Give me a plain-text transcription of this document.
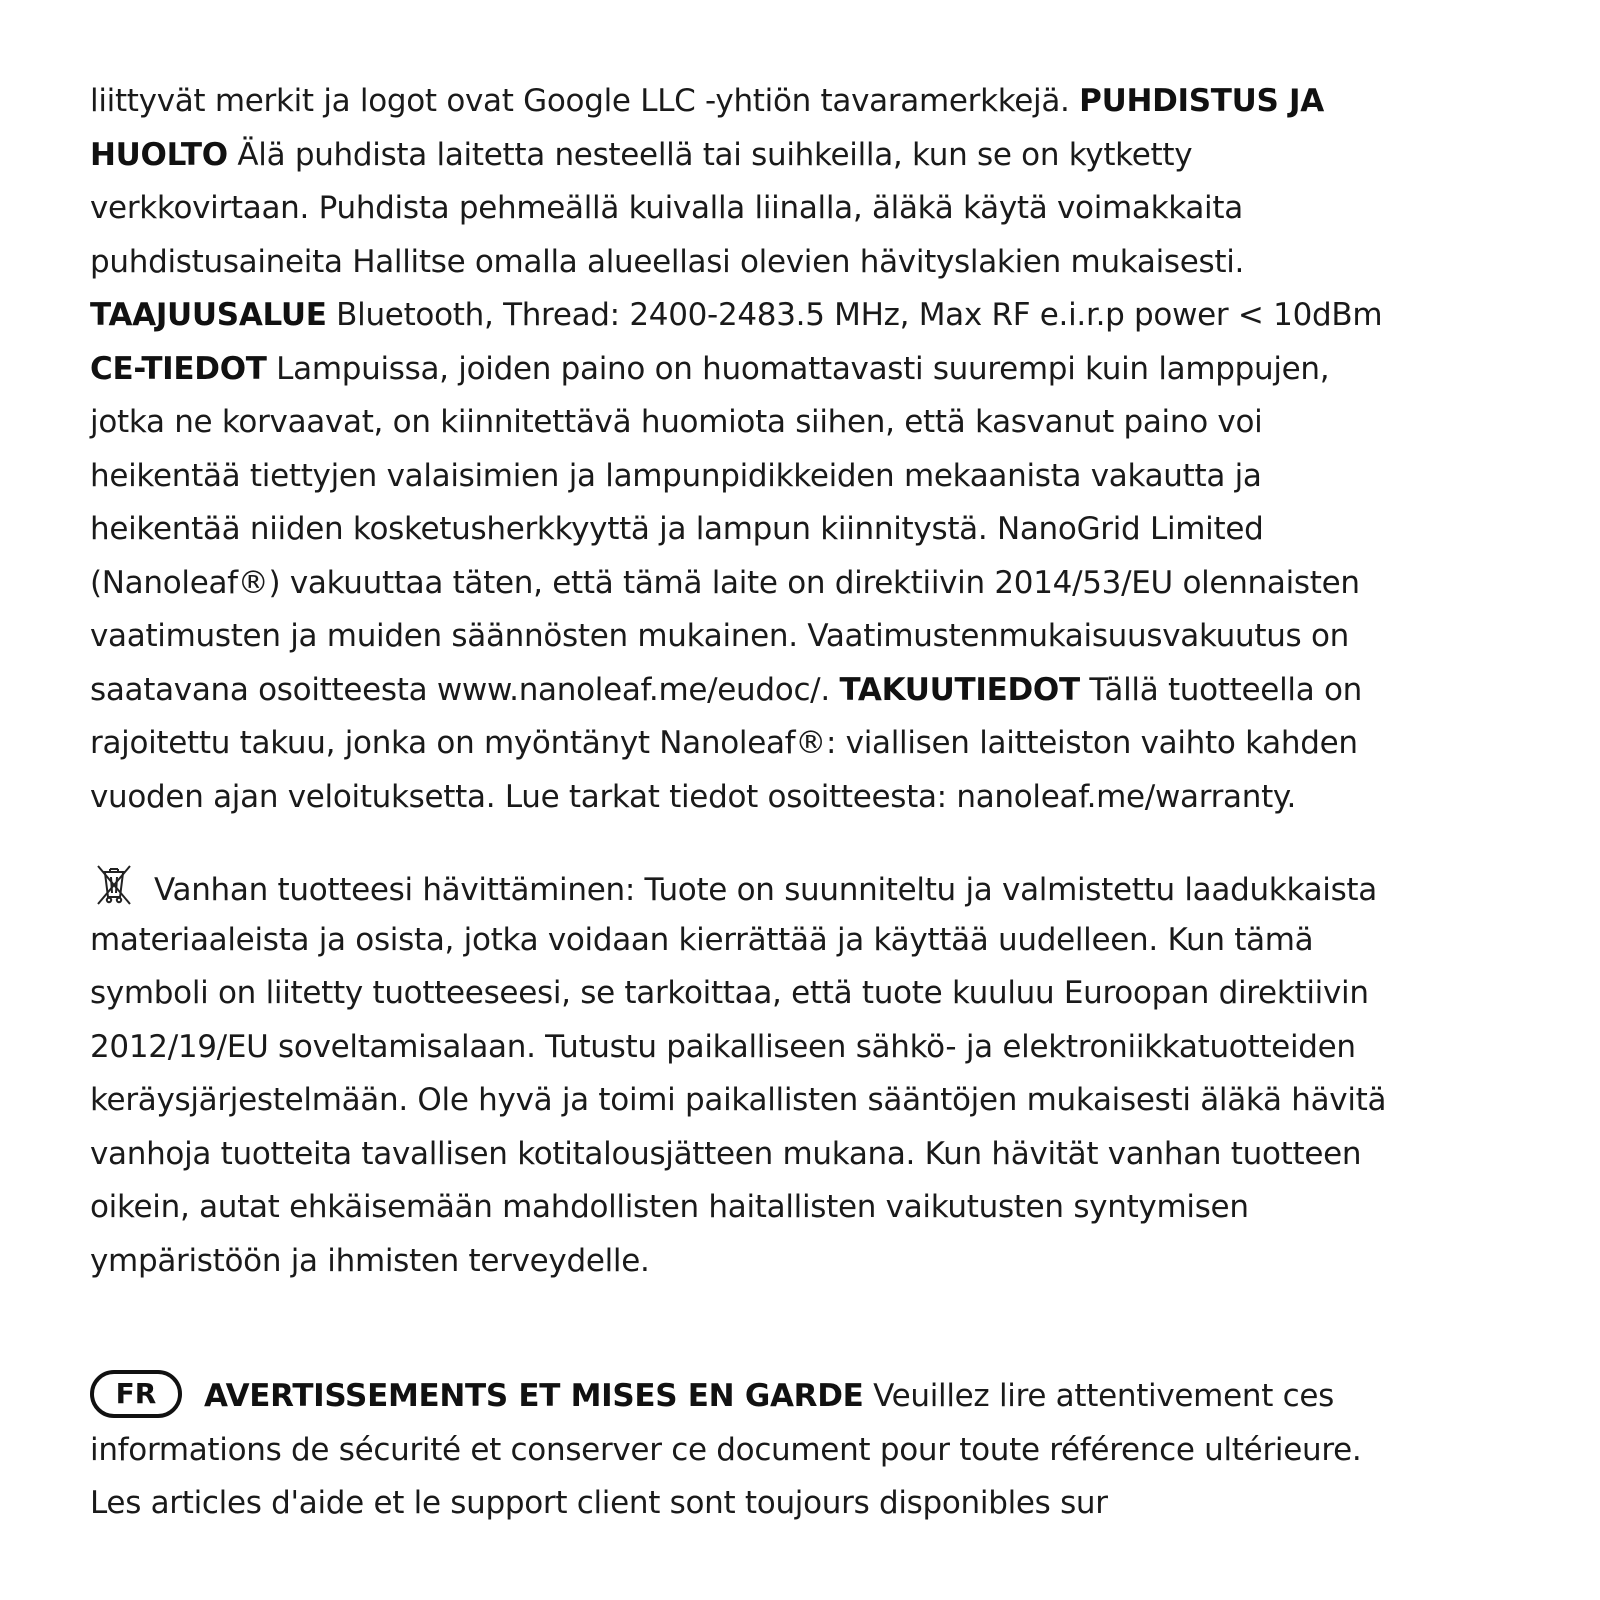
liittyvät merkit ja logot ovat Google LLC -yhtiön tavaramerkkejä. PUHDISTUS JA
HUOLTO Älä puhdista laitetta nesteellä tai suihkeilla, kun se on kytketty
verkkovirtaan. Puhdista pehmeällä kuivalla liinalla, äläkä käytä voimakkaita
puhdistusaineita Hallitse omalla alueellasi olevien hävityslakien mukaisesti.
TAAJUUSALUE Bluetooth, Thread: 2400-2483.5 MHz, Max RF e.i.r.p power < 10dBm
CE-TIEDOT Lampuissa, joiden paino on huomattavasti suurempi kuin lamppujen,
jotka ne korvaavat, on kiinnitettävä huomiota siihen, että kasvanut paino voi
heikentää tiettyjen valaisimien ja lampunpidikkeiden mekaanista vakautta ja
heikentää niiden kosketusherkkyyttä ja lampun kiinnitystä. NanoGrid Limited
(Nanoleaf®) vakuuttaa täten, että tämä laite on direktiivin 2014/53/EU olennaisten
vaatimusten ja muiden säännösten mukainen. Vaatimustenmukaisuusvakuutus on
saatavana osoitteesta www.nanoleaf.me/eudoc/. TAKUUTIEDOT Tällä tuotteella on
rajoitettu takuu, jonka on myöntänyt Nanoleaf®: viallisen laitteiston vaihto kahden
vuoden ajan veloituksetta. Lue tarkat tiedot osoitteesta: nanoleaf.me/warranty.
Vanhan tuotteesi hävittäminen: Tuote on suunniteltu ja valmistettu laadukkaista
materiaaleista ja osista, jotka voidaan kierrättää ja käyttää uudelleen. Kun tämä
symboli on liitetty tuotteeseesi, se tarkoittaa, että tuote kuuluu Euroopan direktiivin
2012/19/EU soveltamisalaan. Tutustu paikalliseen sähkö- ja elektroniikkatuotteiden
keräysjärjestelmään. Ole hyvä ja toimi paikallisten sääntöjen mukaisesti äläkä hävitä
vanhoja tuotteita tavallisen kotitalousjätteen mukana. Kun hävität vanhan tuotteen
oikein, autat ehkäisemään mahdollisten haitallisten vaikutusten syntymisen
ympäristöön ja ihmisten terveydelle.
FR AVERTISSEMENTS ET MISES EN GARDE Veuillez lire attentivement ces
informations de sécurité et conserver ce document pour toute référence ultérieure.
Les articles d'aide et le support client sont toujours disponibles sur
